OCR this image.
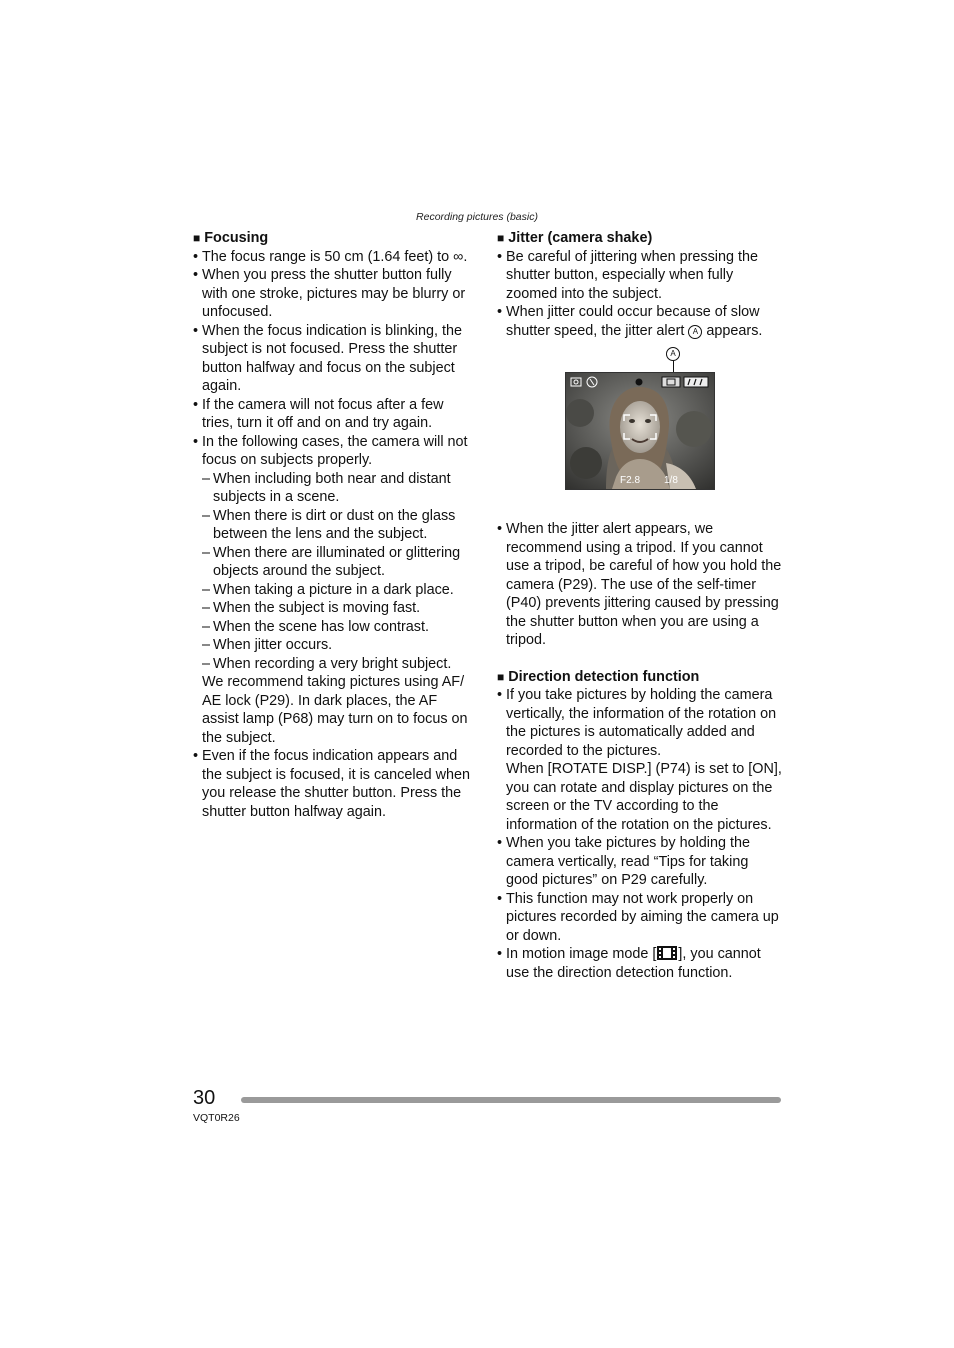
Recording pictures (basic)

■ Focusing

• The focus range is 50 cm (1.64 feet) to ∞.
• When you press the shutter button fully with one stroke, pictures may be blurry or unfocused.
• When the focus indication is blinking, the subject is not focused. Press the shutter button halfway and focus on the subject again.
• If the camera will not focus after a few tries, turn it off and on and try again.
• In the following cases, the camera will not focus on subjects properly.
– When including both near and distant subjects in a scene.
– When there is dirt or dust on the glass between the lens and the subject.
– When there are illuminated or glittering objects around the subject.
– When taking a picture in a dark place.
– When the subject is moving fast.
– When the scene has low contrast.
– When jitter occurs.
– When recording a very bright subject.
We recommend taking pictures using AF/ AE lock (P29). In dark places, the AF assist lamp (P68) may turn on to focus on the subject.
• Even if the focus indication appears and the subject is focused, it is canceled when you release the shutter button. Press the shutter button halfway again.

■ Jitter (camera shake)

• Be careful of jittering when pressing the shutter button, especially when fully zoomed into the subject.
• When jitter could occur because of slow shutter speed, the jitter alert A appears.
A
F2.8 1/8
• When the jitter alert appears, we recommend using a tripod. If you cannot use a tripod, be careful of how you hold the camera (P29). The use of the self-timer (P40) prevents jittering caused by pressing the shutter button when you are using a tripod.

■ Direction detection function

• If you take pictures by holding the camera vertically, the information of the rotation on the pictures is automatically added and recorded to the pictures.
When [ROTATE DISP.] (P74) is set to [ON], you can rotate and display pictures on the screen or the TV according to the information of the rotation on the pictures.
• When you take pictures by holding the camera vertically, read “Tips for taking good pictures” on P29 carefully.
• This function may not work properly on pictures recorded by aiming the camera up or down.
• In motion image mode [ ], you cannot use the direction detection function.
30
VQT0R26
